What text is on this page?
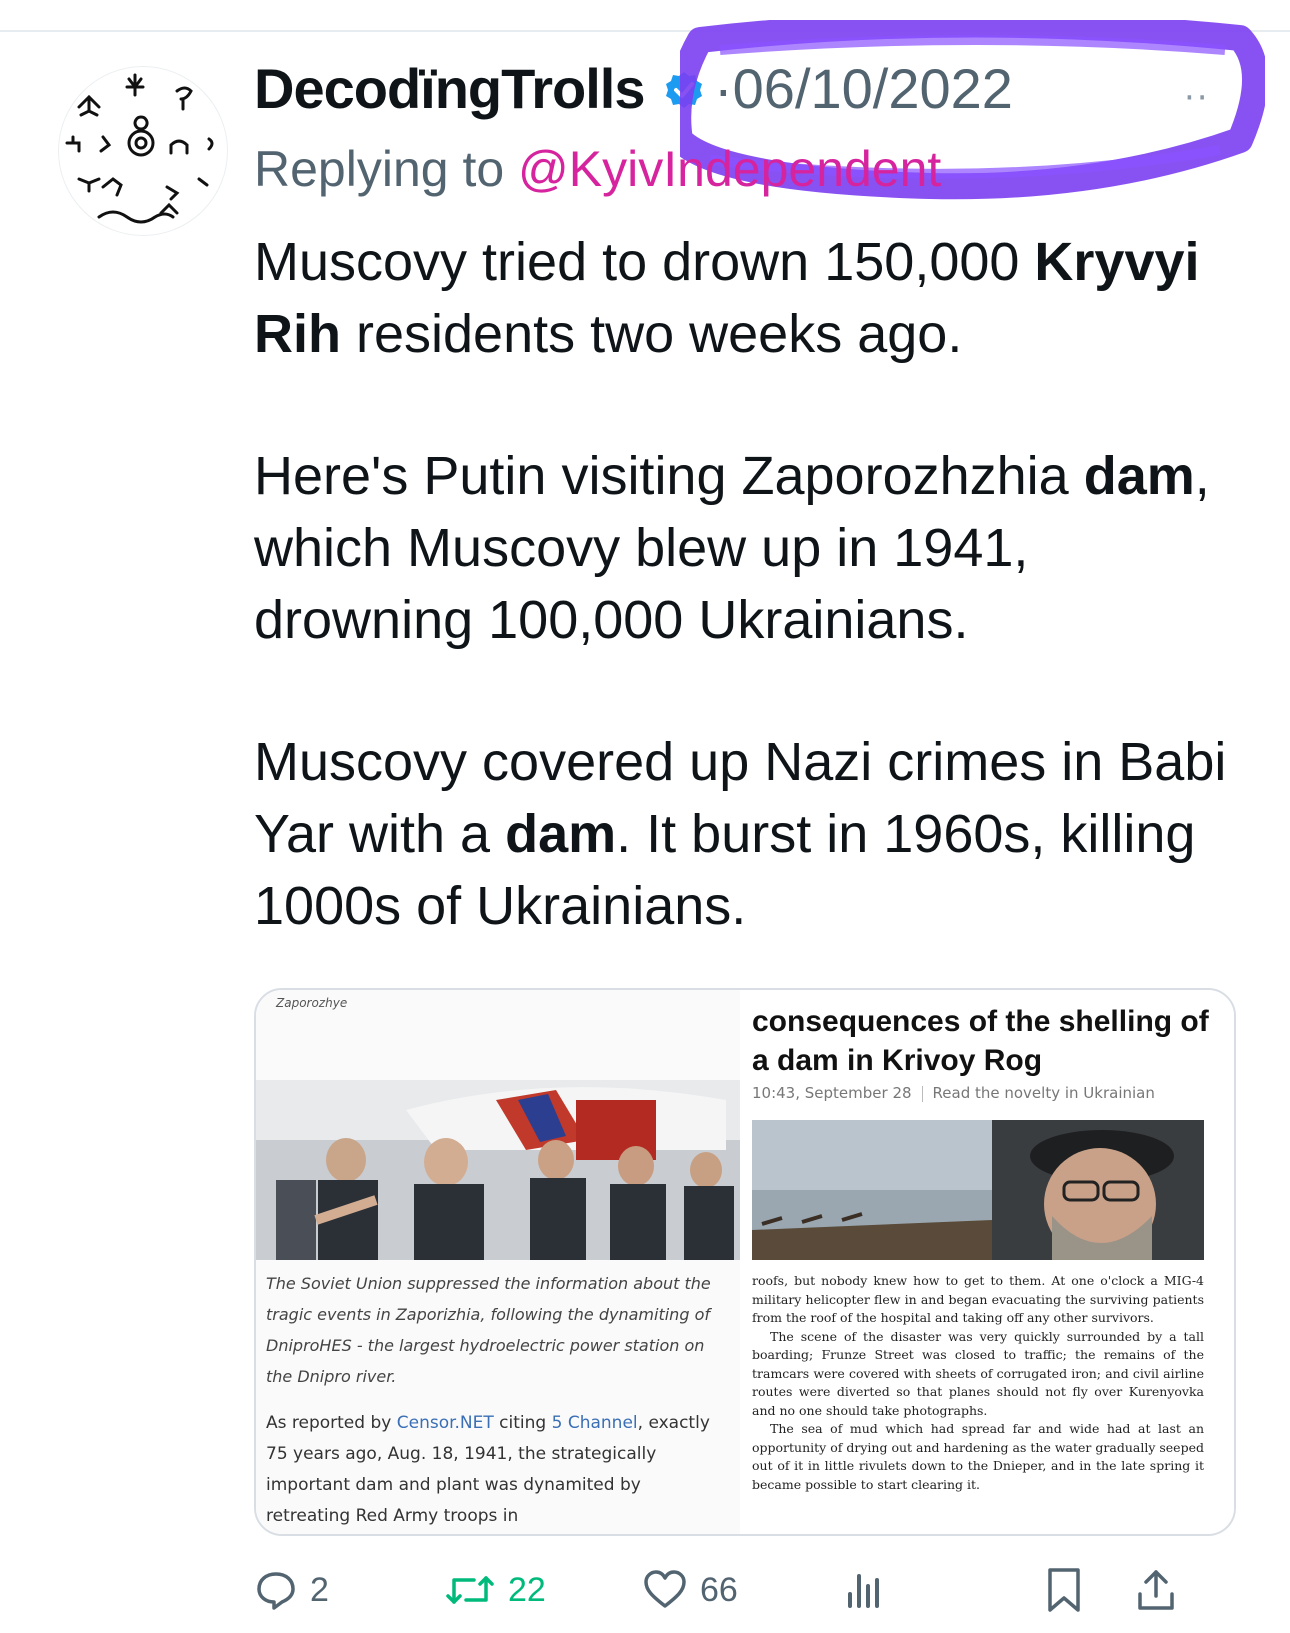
DecodïngTrolls ·06/10/2022	··
Replying to @KyivIndependent

Muscovy tried to drown 150,000 Kryvyi Rih residents two weeks ago.

Here's Putin visiting Zaporozhzhia dam, which Muscovy blew up in 1941, drowning 100,000 Ukrainians.

Muscovy covered up Nazi crimes in Babi Yar with a dam. It burst in 1960s, killing 1000s of Ukrainians.

Zaporozhye
The Soviet Union suppressed the information about the tragic events in Zaporizhia, following the dynamiting of DniproHES - the largest hydroelectric power station on the Dnipro river.
As reported by Censor.NET citing 5 Channel, exactly 75 years ago, Aug. 18, 1941, the strategically important dam and plant was dynamited by retreating Red Army troops in
consequences of the shelling of a dam in Krivoy Rog
10:43, September 28 Read the novelty in Ukrainian

roofs, but nobody knew how to get to them. At one o'clock a MIG-4 military helicopter flew in and began evacuating the surviving patients from the roof of the hospital and taking off any other survivors.

The scene of the disaster was very quickly surrounded by a tall boarding; Frunze Street was closed to traffic; the remains of the tramcars were covered with sheets of corrugated iron; and civil airline routes were diverted so that planes should not fly over Kurenyovka and no one should take photographs.

The sea of mud which had spread far and wide had at last an opportunity of drying out and hardening as the water gradually seeped out of it in little rivulets down to the Dnieper, and in the late spring it became possible to start clearing it.

2	22	66
